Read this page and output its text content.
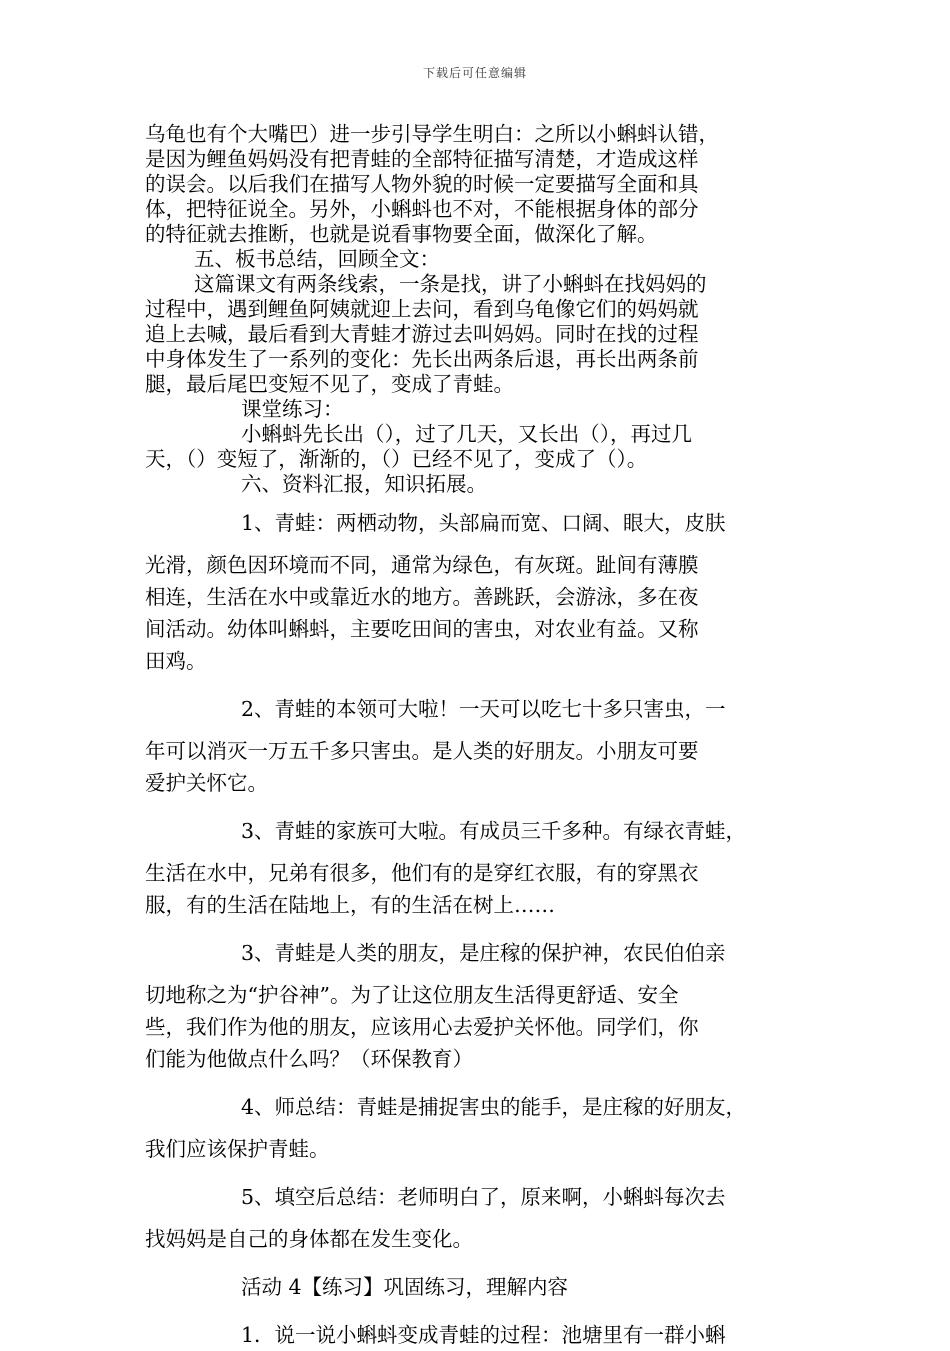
下载后可任意编辑

乌龟也有个大嘴巴）进一步引导学生明白：之所以小蝌蚪认错，

是因为鲤鱼妈妈没有把青蛙的全部特征描写清楚，才造成这样

的误会。以后我们在描写人物外貌的时候一定要描写全面和具

体，把特征说全。另外，小蝌蚪也不对，不能根据身体的部分

的特征就去推断，也就是说看事物要全面，做深化了解。

五、板书总结，回顾全文：

这篇课文有两条线索，一条是找，讲了小蝌蚪在找妈妈的

过程中，遇到鲤鱼阿姨就迎上去问，看到乌龟像它们的妈妈就

追上去喊，最后看到大青蛙才游过去叫妈妈。同时在找的过程

中身体发生了一系列的变化：先长出两条后退，再长出两条前

腿，最后尾巴变短不见了，变成了青蛙。

课堂练习：

小蝌蚪先长出（），过了几天，又长出（），再过几

天，（）变短了，渐渐的，（）已经不见了，变成了（）。

六、资料汇报，知识拓展。

1、青蛙：两栖动物，头部扁而宽、口阔、眼大，皮肤

光滑，颜色因环境而不同，通常为绿色，有灰斑。趾间有薄膜

相连，生活在水中或靠近水的地方。善跳跃，会游泳，多在夜

间活动。幼体叫蝌蚪，主要吃田间的害虫，对农业有益。又称

田鸡。

2、青蛙的本领可大啦！一天可以吃七十多只害虫，一

年可以消灭一万五千多只害虫。是人类的好朋友。小朋友可要

爱护关怀它。

3、青蛙的家族可大啦。有成员三千多种。有绿衣青蛙，

生活在水中，兄弟有很多，他们有的是穿红衣服，有的穿黑衣

服，有的生活在陆地上，有的生活在树上……

3、青蛙是人类的朋友，是庄稼的保护神，农民伯伯亲

切地称之为“护谷神”。为了让这位朋友生活得更舒适、安全

些，我们作为他的朋友，应该用心去爱护关怀他。同学们，你

们能为他做点什么吗？（环保教育）

4、师总结：青蛙是捕捉害虫的能手，是庄稼的好朋友，

我们应该保护青蛙。

5、填空后总结：老师明白了，原来啊，小蝌蚪每次去

找妈妈是自己的身体都在发生变化。

活动 4【练习】巩固练习，理解内容

1．说一说小蝌蚪变成青蛙的过程：池塘里有一群小蝌
